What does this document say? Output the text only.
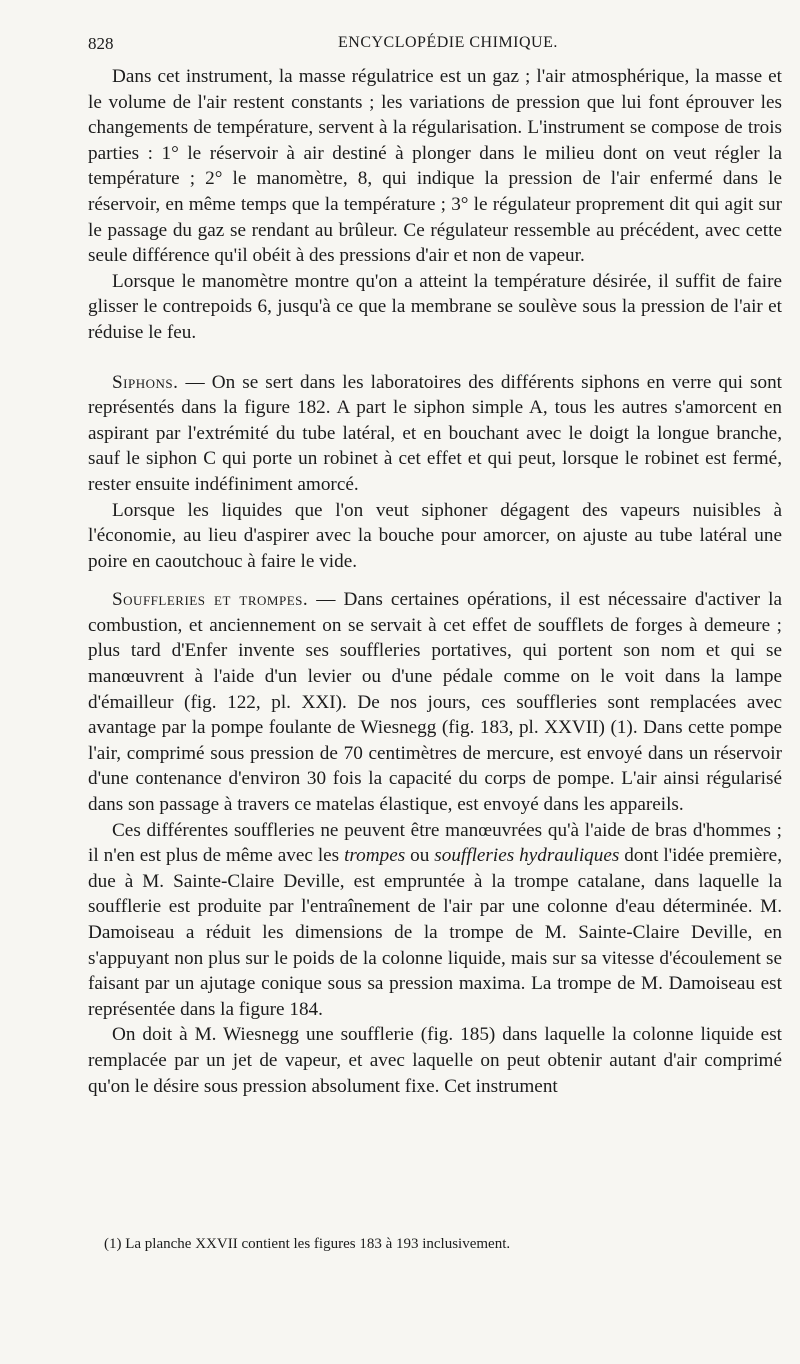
828	ENCYCLOPÉDIE CHIMIQUE.

Dans cet instrument, la masse régulatrice est un gaz ; l'air atmosphérique, la masse et le volume de l'air restent constants ; les variations de pression que lui font éprouver les changements de température, servent à la régularisation. L'instrument se compose de trois parties : 1° le réservoir à air destiné à plonger dans le milieu dont on veut régler la température ; 2° le manomètre, 8, qui indique la pression de l'air enfermé dans le réservoir, en même temps que la température ; 3° le régulateur proprement dit qui agit sur le passage du gaz se rendant au brûleur. Ce régulateur ressemble au précédent, avec cette seule différence qu'il obéit à des pressions d'air et non de vapeur.

Lorsque le manomètre montre qu'on a atteint la température désirée, il suffit de faire glisser le contrepoids 6, jusqu'à ce que la membrane se soulève sous la pression de l'air et réduise le feu.

Siphons. — On se sert dans les laboratoires des différents siphons en verre qui sont représentés dans la figure 182. A part le siphon simple A, tous les autres s'amorcent en aspirant par l'extrémité du tube latéral, et en bouchant avec le doigt la longue branche, sauf le siphon C qui porte un robinet à cet effet et qui peut, lorsque le robinet est fermé, rester ensuite indéfiniment amorcé.

Lorsque les liquides que l'on veut siphoner dégagent des vapeurs nuisibles à l'économie, au lieu d'aspirer avec la bouche pour amorcer, on ajuste au tube latéral une poire en caoutchouc à faire le vide.

Souffleries et trompes. — Dans certaines opérations, il est nécessaire d'activer la combustion, et anciennement on se servait à cet effet de soufflets de forges à demeure ; plus tard d'Enfer invente ses souffleries portatives, qui portent son nom et qui se manœuvrent à l'aide d'un levier ou d'une pédale comme on le voit dans la lampe d'émailleur (fig. 122, pl. XXI). De nos jours, ces souffleries sont remplacées avec avantage par la pompe foulante de Wiesnegg (fig. 183, pl. XXVII) (1). Dans cette pompe l'air, comprimé sous pression de 70 centimètres de mercure, est envoyé dans un réservoir d'une contenance d'environ 30 fois la capacité du corps de pompe. L'air ainsi régularisé dans son passage à travers ce matelas élastique, est envoyé dans les appareils.

Ces différentes souffleries ne peuvent être manœuvrées qu'à l'aide de bras d'hommes ; il n'en est plus de même avec les trompes ou souffleries hydrauliques dont l'idée première, due à M. Sainte-Claire Deville, est empruntée à la trompe catalane, dans laquelle la soufflerie est produite par l'entraînement de l'air par une colonne d'eau déterminée. M. Damoiseau a réduit les dimensions de la trompe de M. Sainte-Claire Deville, en s'appuyant non plus sur le poids de la colonne liquide, mais sur sa vitesse d'écoulement se faisant par un ajutage conique sous sa pression maxima. La trompe de M. Damoiseau est représentée dans la figure 184.

On doit à M. Wiesnegg une soufflerie (fig. 185) dans laquelle la colonne liquide est remplacée par un jet de vapeur, et avec laquelle on peut obtenir autant d'air comprimé qu'on le désire sous pression absolument fixe. Cet instrument

(1) La planche XXVII contient les figures 183 à 193 inclusivement.
